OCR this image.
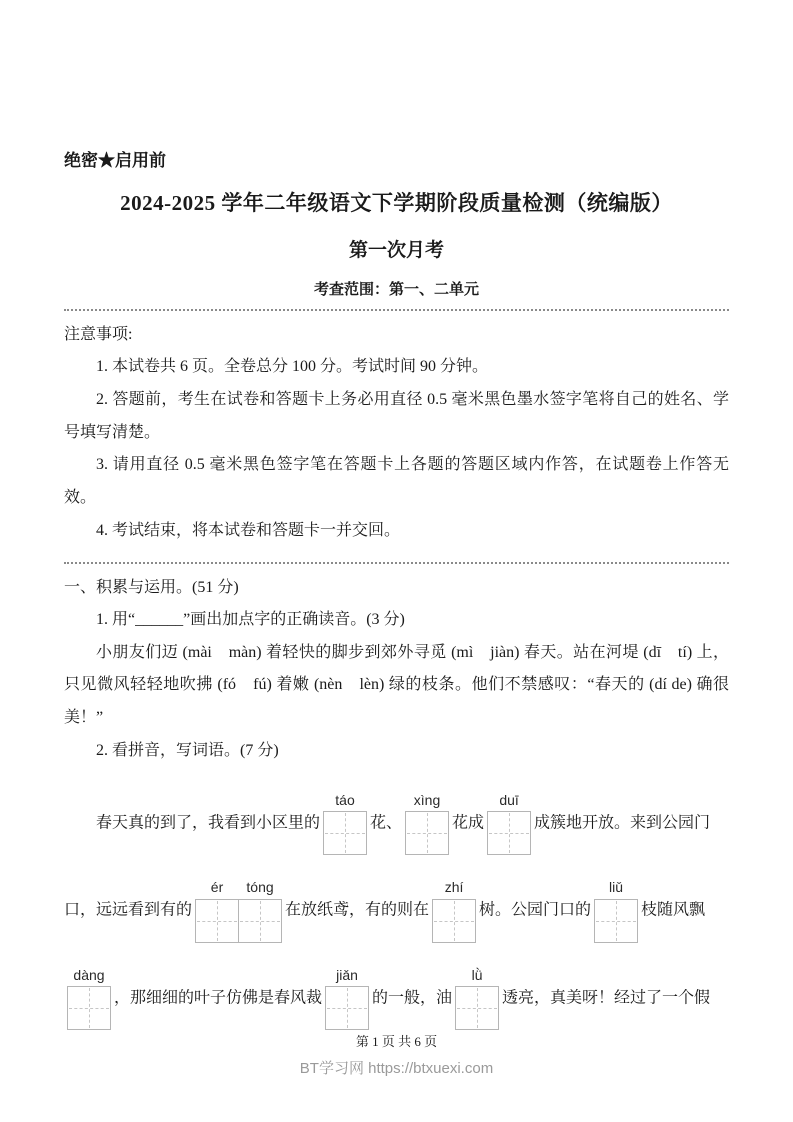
绝密★启用前
2024-2025 学年二年级语文下学期阶段质量检测（统编版）
第一次月考
考查范围：第一、二单元

注意事项:

1. 本试卷共 6 页。全卷总分 100 分。考试时间 90 分钟。

2. 答题前，考生在试卷和答题卡上务必用直径 0.5 毫米黑色墨水签字笔将自己的姓名、学号填写清楚。

3. 请用直径 0.5 毫米黑色签字笔在答题卡上各题的答题区域内作答，在试题卷上作答无效。

4. 考试结束，将本试卷和答题卡一并交回。

一、积累与运用。(51 分)

1. 用“______”画出加点字的正确读音。(3 分)

小朋友们迈 (mài　màn) 着轻快的脚步到郊外寻觅 (mì　jiàn) 春天。站在河堤 (dī　tí) 上，只见微风轻轻地吹拂 (fó　fú) 着嫩 (nèn　lèn) 绿的枝条。他们不禁感叹：“春天的 (dí de) 确很美！”

2. 看拼音，写词语。(7 分)

春天真的到了，我看到小区里的
táo
花、
xìng
花成
duī
成簇地开放。来到公园门
口，远远看到有的
ér tóng
在放纸鸢，有的则在
zhí
树。公园门口的
liǔ
枝随风飘
dàng
，那细细的叶子仿佛是春风裁
jiǎn
的一般，油
lǜ
透亮，真美呀！经过了一个假
第 1 页 共 6 页
BT学习网 https://btxuexi.com
